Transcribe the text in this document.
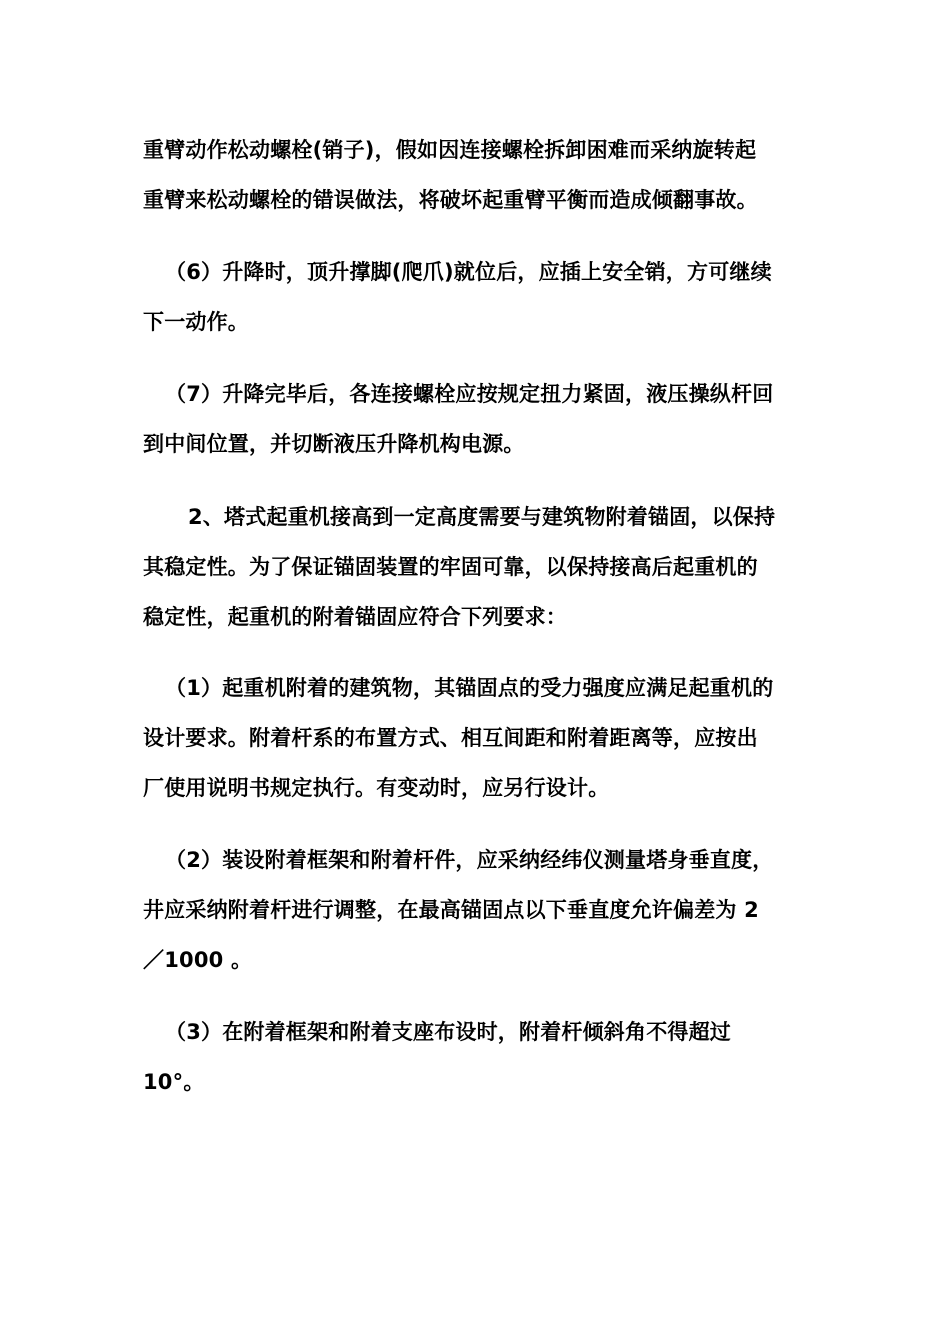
重臂动作松动螺栓(销子)，假如因连接螺栓拆卸困难而采纳旋转起

重臂来松动螺栓的错误做法，将破坏起重臂平衡而造成倾翻事故。

（6）升降时，顶升撑脚(爬爪)就位后，应插上安全销，方可继续

下一动作。

（7）升降完毕后，各连接螺栓应按规定扭力紧固，液压操纵杆回

到中间位置，并切断液压升降机构电源。

2、塔式起重机接高到一定高度需要与建筑物附着锚固，以保持

其稳定性。为了保证锚固装置的牢固可靠，以保持接高后起重机的

稳定性，起重机的附着锚固应符合下列要求：

（1）起重机附着的建筑物，其锚固点的受力强度应满足起重机的

设计要求。附着杆系的布置方式、相互间距和附着距离等，应按出

厂使用说明书规定执行。有变动时，应另行设计。

（2）装设附着框架和附着杆件，应采纳经纬仪测量塔身垂直度，

井应采纳附着杆进行调整，在最高锚固点以下垂直度允许偏差为 2

／1000 。

（3）在附着框架和附着支座布设时，附着杆倾斜角不得超过

10°。
